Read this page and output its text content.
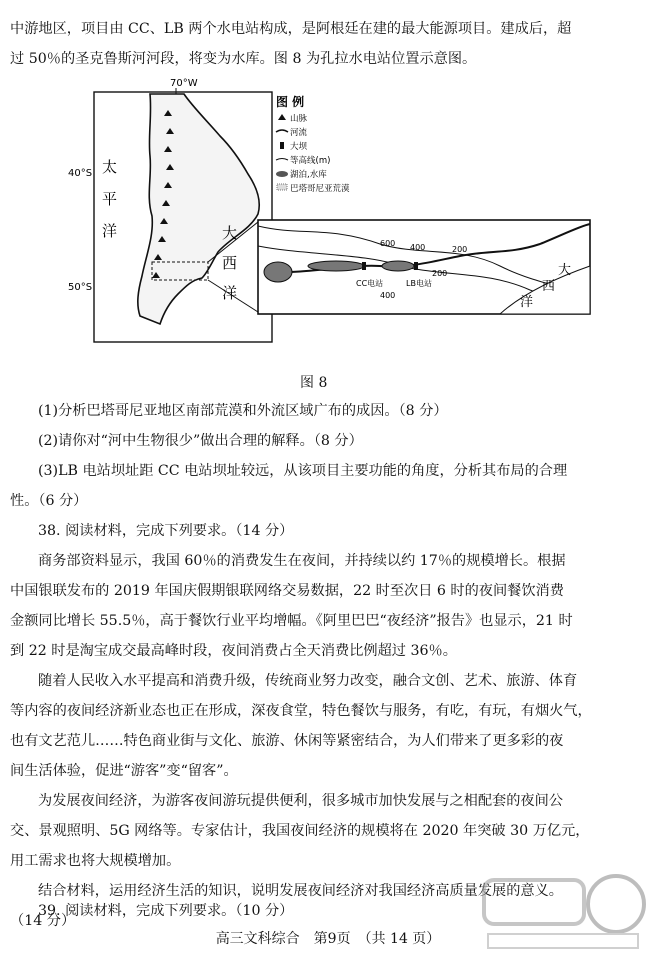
中游地区，项目由 CC、LB 两个水电站构成，是阿根廷在建的最大能源项目。建成后，超
过 50％的圣克鲁斯河河段，将变为水库。图 8 为孔拉水电站位置示意图。
70°W
40°S
50°S
太
平
洋	大
西
洋
图 例
山脉
河流
大坝
等高线(m)
湖泊,水库
巴塔哥尼亚荒漠
600 400	200
200
400
CC电站	LB电站
大
西
洋
图 8
(1)分析巴塔哥尼亚地区南部荒漠和外流区域广布的成因。（8 分）
(2)请你对“河中生物很少”做出合理的解释。（8 分）
(3)LB 电站坝址距 CC 电站坝址较远，从该项目主要功能的角度，分析其布局的合理
性。（6 分）
38. 阅读材料，完成下列要求。（14 分）
商务部资料显示，我国 60％的消费发生在夜间，并持续以约 17％的规模增长。根据
中国银联发布的 2019 年国庆假期银联网络交易数据，22 时至次日 6 时的夜间餐饮消费
金额同比增长 55.5％，高于餐饮行业平均增幅。《阿里巴巴“夜经济”报告》也显示，21 时
到 22 时是淘宝成交最高峰时段，夜间消费占全天消费比例超过 36％。
随着人民收入水平提高和消费升级，传统商业努力改变，融合文创、艺术、旅游、体育
等内容的夜间经济新业态也正在形成，深夜食堂，特色餐饮与服务，有吃，有玩，有烟火气，
也有文艺范儿……特色商业街与文化、旅游、休闲等紧密结合，为人们带来了更多彩的夜
间生活体验，促进“游客”变“留客”。
为发展夜间经济，为游客夜间游玩提供便利，很多城市加快发展与之相配套的夜间公
交、景观照明、5G 网络等。专家估计，我国夜间经济的规模将在 2020 年突破 30 万亿元，
用工需求也将大规模增加。
结合材料，运用经济生活的知识，说明发展夜间经济对我国经济高质量发展的意义。
（14 分）
39. 阅读材料，完成下列要求。（10 分）
高三文科综合　第9页　（共 14 页）
